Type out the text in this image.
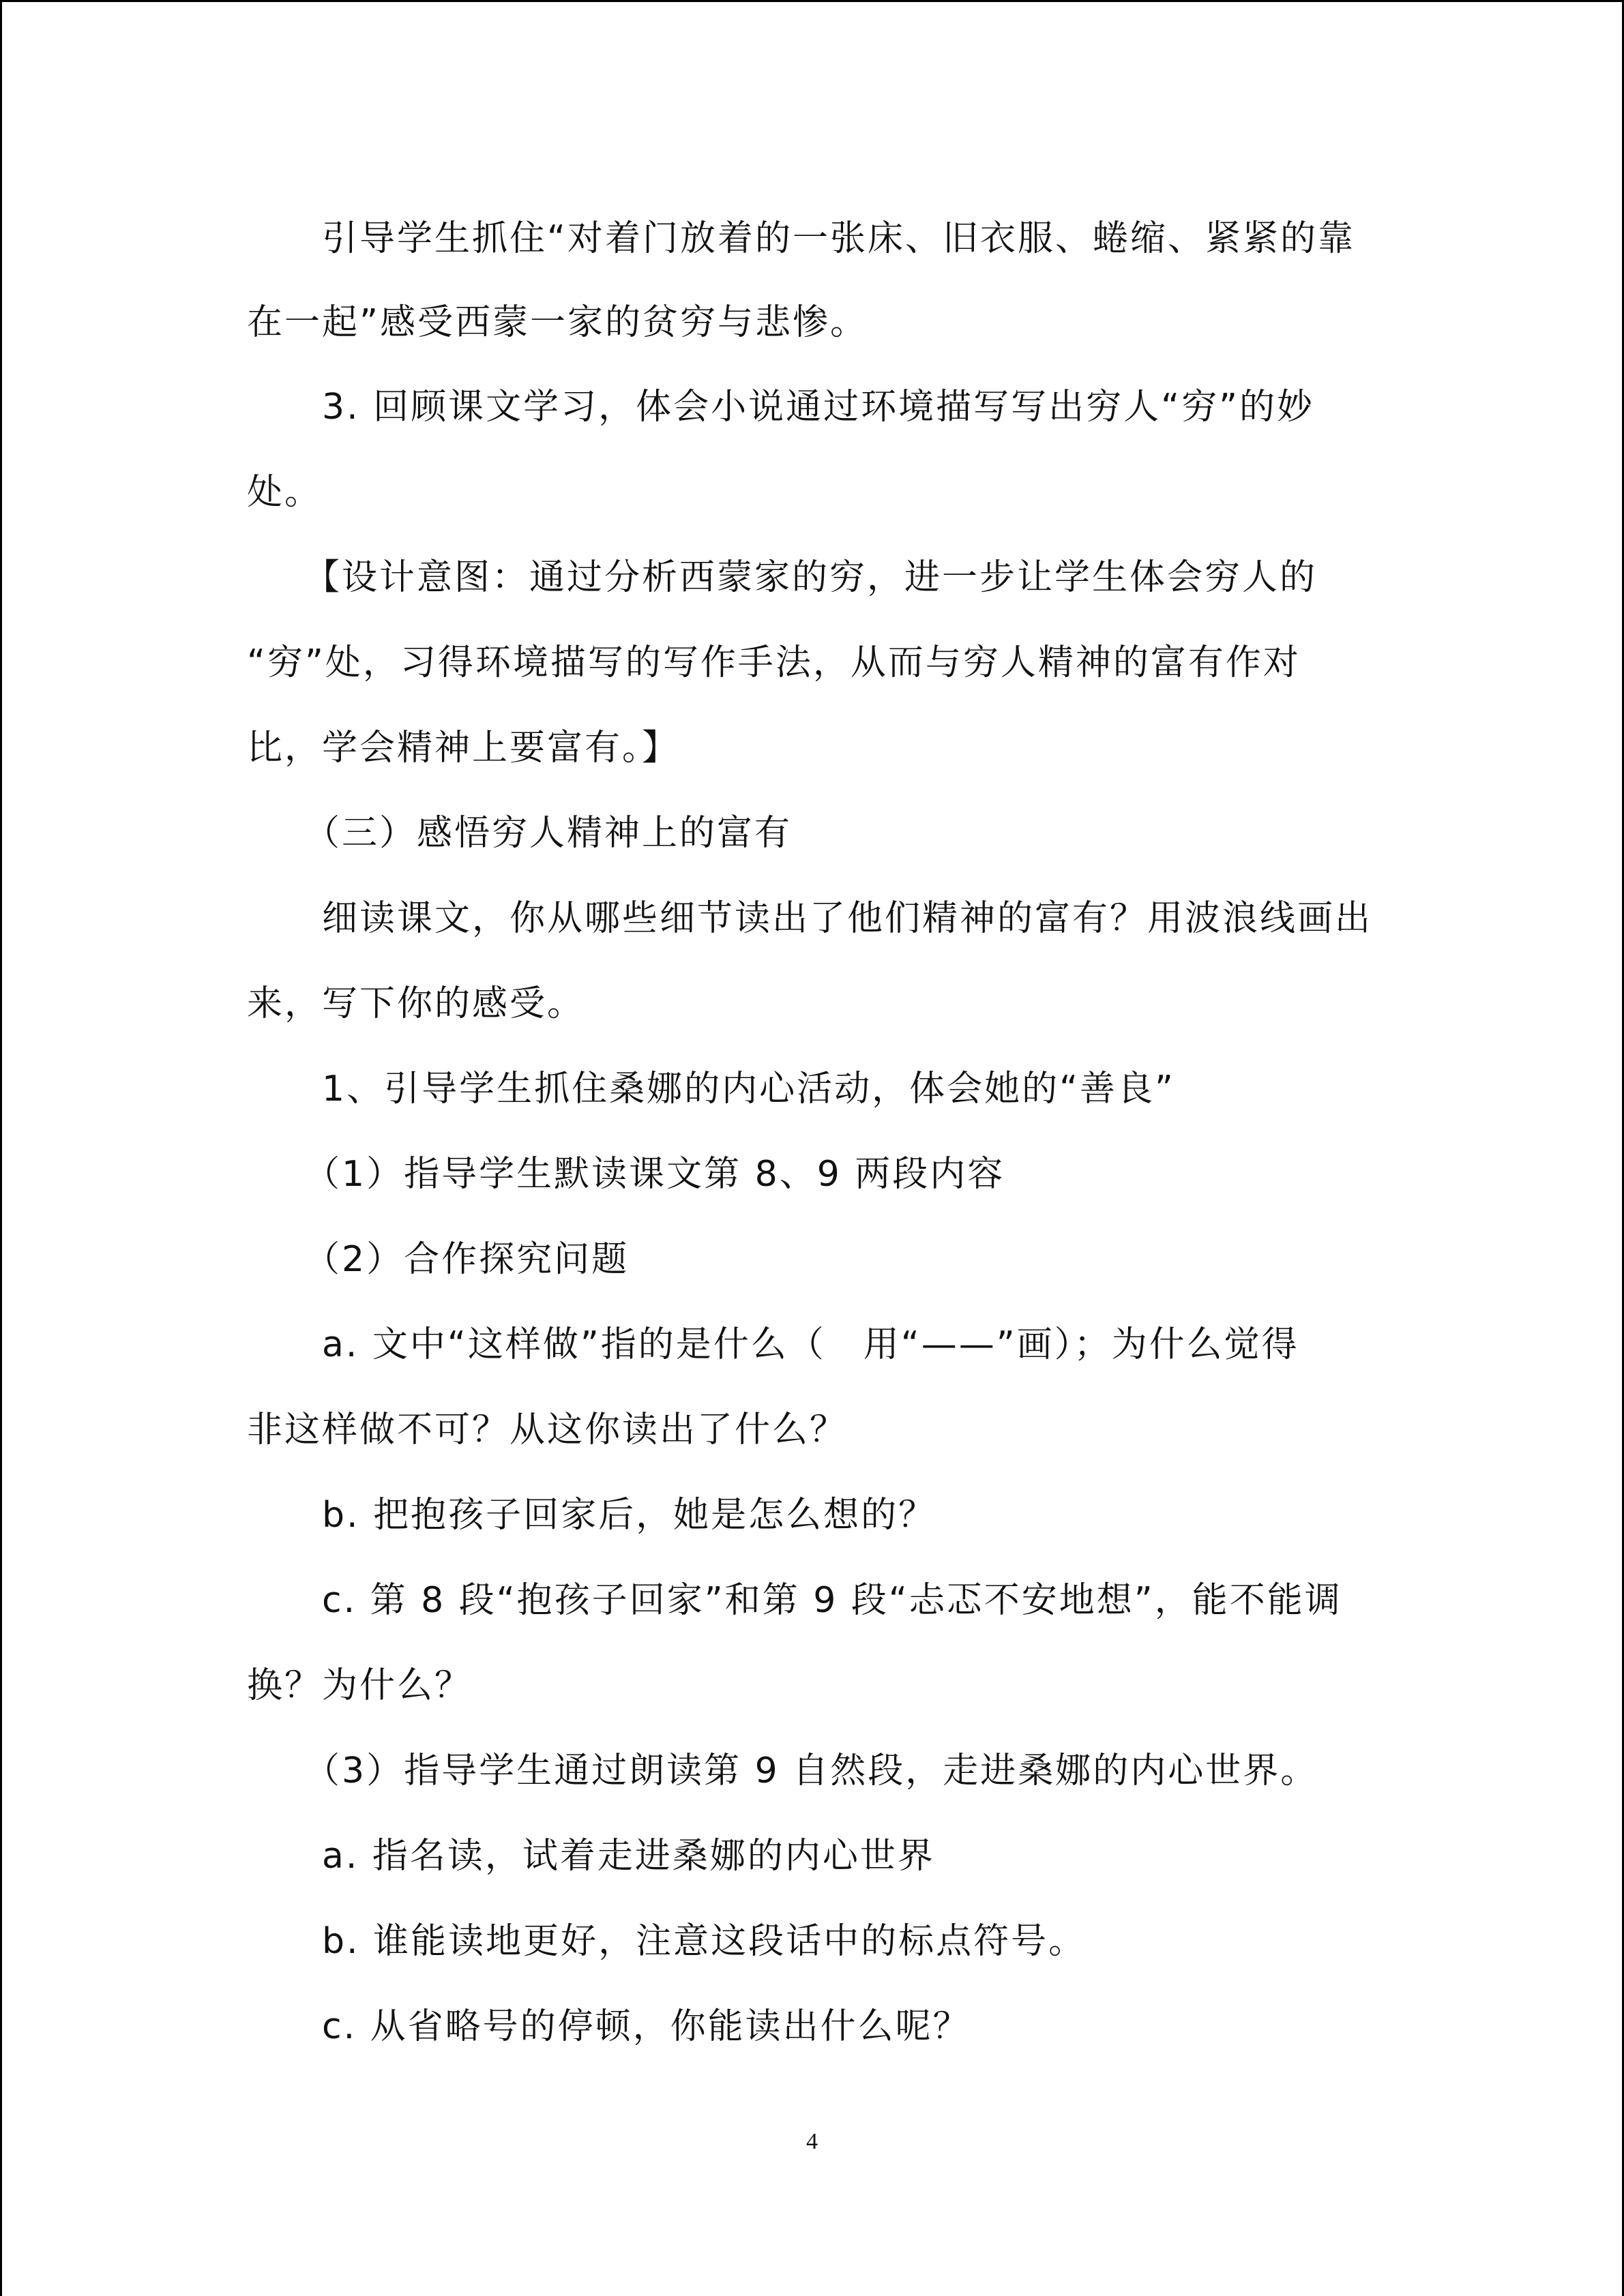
　　引导学生抓住“对着门放着的一张床、旧衣服、蜷缩、紧紧的靠
在一起”感受西蒙一家的贫穷与悲惨。
　　3. 回顾课文学习，体会小说通过环境描写写出穷人“穷”的妙
处。
　　【设计意图：通过分析西蒙家的穷，进一步让学生体会穷人的
“穷”处，习得环境描写的写作手法，从而与穷人精神的富有作对
比，学会精神上要富有。】
　　（三）感悟穷人精神上的富有
　　细读课文，你从哪些细节读出了他们精神的富有？用波浪线画出
来，写下你的感受。
　　1、引导学生抓住桑娜的内心活动，体会她的“善良”
　　（1）指导学生默读课文第 8、9 两段内容
　　（2）合作探究问题
　　a. 文中“这样做”指的是什么（　用“——”画）；为什么觉得
非这样做不可？从这你读出了什么？
　　b. 把抱孩子回家后，她是怎么想的？
　　c. 第 8 段“抱孩子回家”和第 9 段“忐忑不安地想”，能不能调
换？为什么？
　　（3）指导学生通过朗读第 9 自然段，走进桑娜的内心世界。
　　a. 指名读，试着走进桑娜的内心世界
　　b. 谁能读地更好，注意这段话中的标点符号。
　　c. 从省略号的停顿，你能读出什么呢？
4
